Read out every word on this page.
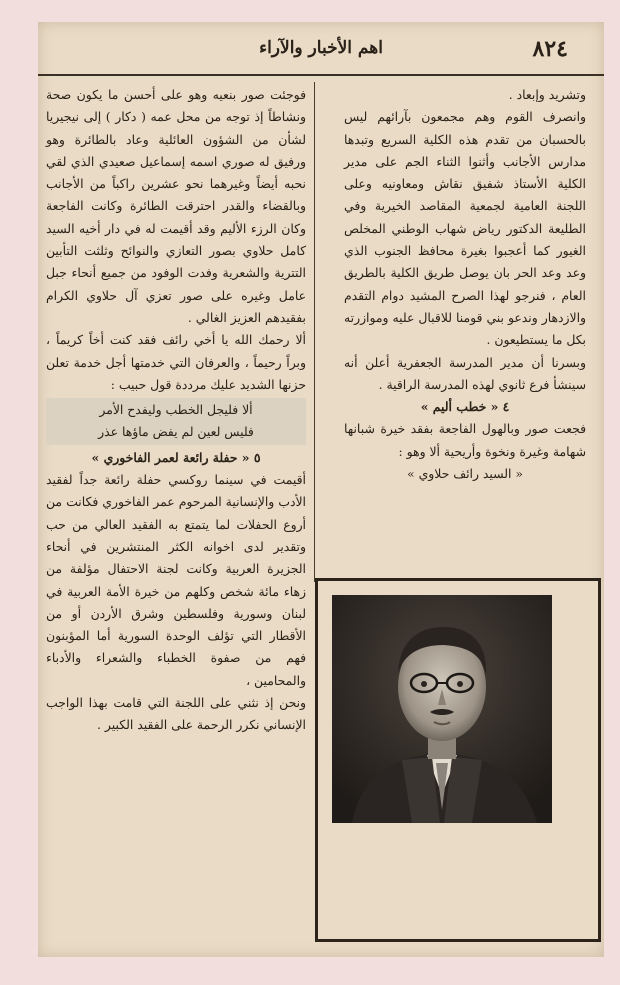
٨٢٤
اهم الأخبار والآراء

وتشريد وإبعاد .

وانصرف القوم وهم مجمعون بآرائهم ليس بالحسبان من تقدم هذه الكلية السريع وتبدها مدارس الأجانب وأثنوا الثناء الجم على مدير الكلية الأستاذ شفيق نقاش ومعاونيه وعلى اللجنة العامية لجمعية المقاصد الخيرية وفي الطليعة الدكتور رياض شهاب الوطني المخلص الغيور كما أعجبوا بغيرة محافظ الجنوب الذي وعد وعد الحر بان يوصل طريق الكلية بالطريق العام ، فنرجو لهذا الصرح المشيد دوام التقدم والازدهار وندعو بني قومنا للاقبال عليه وموازرته بكل ما يستطيعون .

وبسرنا أن مدير المدرسة الجعفرية أعلن أنه سينشأ فرع ثانوي لهذه المدرسة الراقية .

٤ « خطب أليم »

فجعت صور وبالهول الفاجعة بفقد خيرة شبانها شهامة وغيرة ونخوة وأريحية ألا وهو :

« السيد رائف حلاوي »

فوجئت صور بنعيه وهو على أحسن ما يكون صحة ونشاطاً إذ توجه من محل عمه ( دكار ) إلى نيجيريا لشأن من الشؤون العائلية وعاد بالطائرة وهو ورفيق له صوري اسمه إسماعيل صعيدي الذي لقي نحبه أيضاً وغيرهما نحو عشرين راكباً من الأجانب وبالقضاء والقدر احترقت الطائرة وكانت الفاجعة وكان الرزء الأليم وقد أقيمت له في دار أخيه السيد كامل حلاوي بصور التعازي والنوائح وثلثت التأبين التترية والشعرية وفدت الوفود من جميع أنحاء جبل عامل وغيره على صور تعزي آل حلاوي الكرام بفقيدهم العزيز الغالي .

ألا رحمك الله يا أخي رائف فقد كنت أخاً كريماً ، وبراً رحيماً ، والعرفان التي خدمتها أجل خدمة تعلن حزنها الشديد عليك مرددة قول حبيب :

ألا فليجل الخطب وليفدح الأمر

فليس لعين لم يفض ماؤها عذر

٥ « حفلة رائعة لعمر الفاخوري »

أقيمت في سينما روكسي حفلة رائعة جداً لفقيد الأدب والإنسانية المرحوم عمر الفاخوري فكانت من أروع الحفلات لما يتمتع به الفقيد العالي من حب وتقدير لدى اخوانه الكثر المنتشرين في أنحاء الجزيرة العربية وكانت لجنة الاحتفال مؤلفة من زهاء مائة شخص وكلهم من خيرة الأمة العربية في لبنان وسورية وفلسطين وشرق الأردن أو من الأقطار التي تؤلف الوحدة السورية أما المؤبنون فهم من صفوة الخطباء والشعراء والأدباء والمحامين ،

ونحن إذ نثني على اللجنة التي قامت بهذا الواجب الإنساني نكرر الرحمة على الفقيد الكبير .
